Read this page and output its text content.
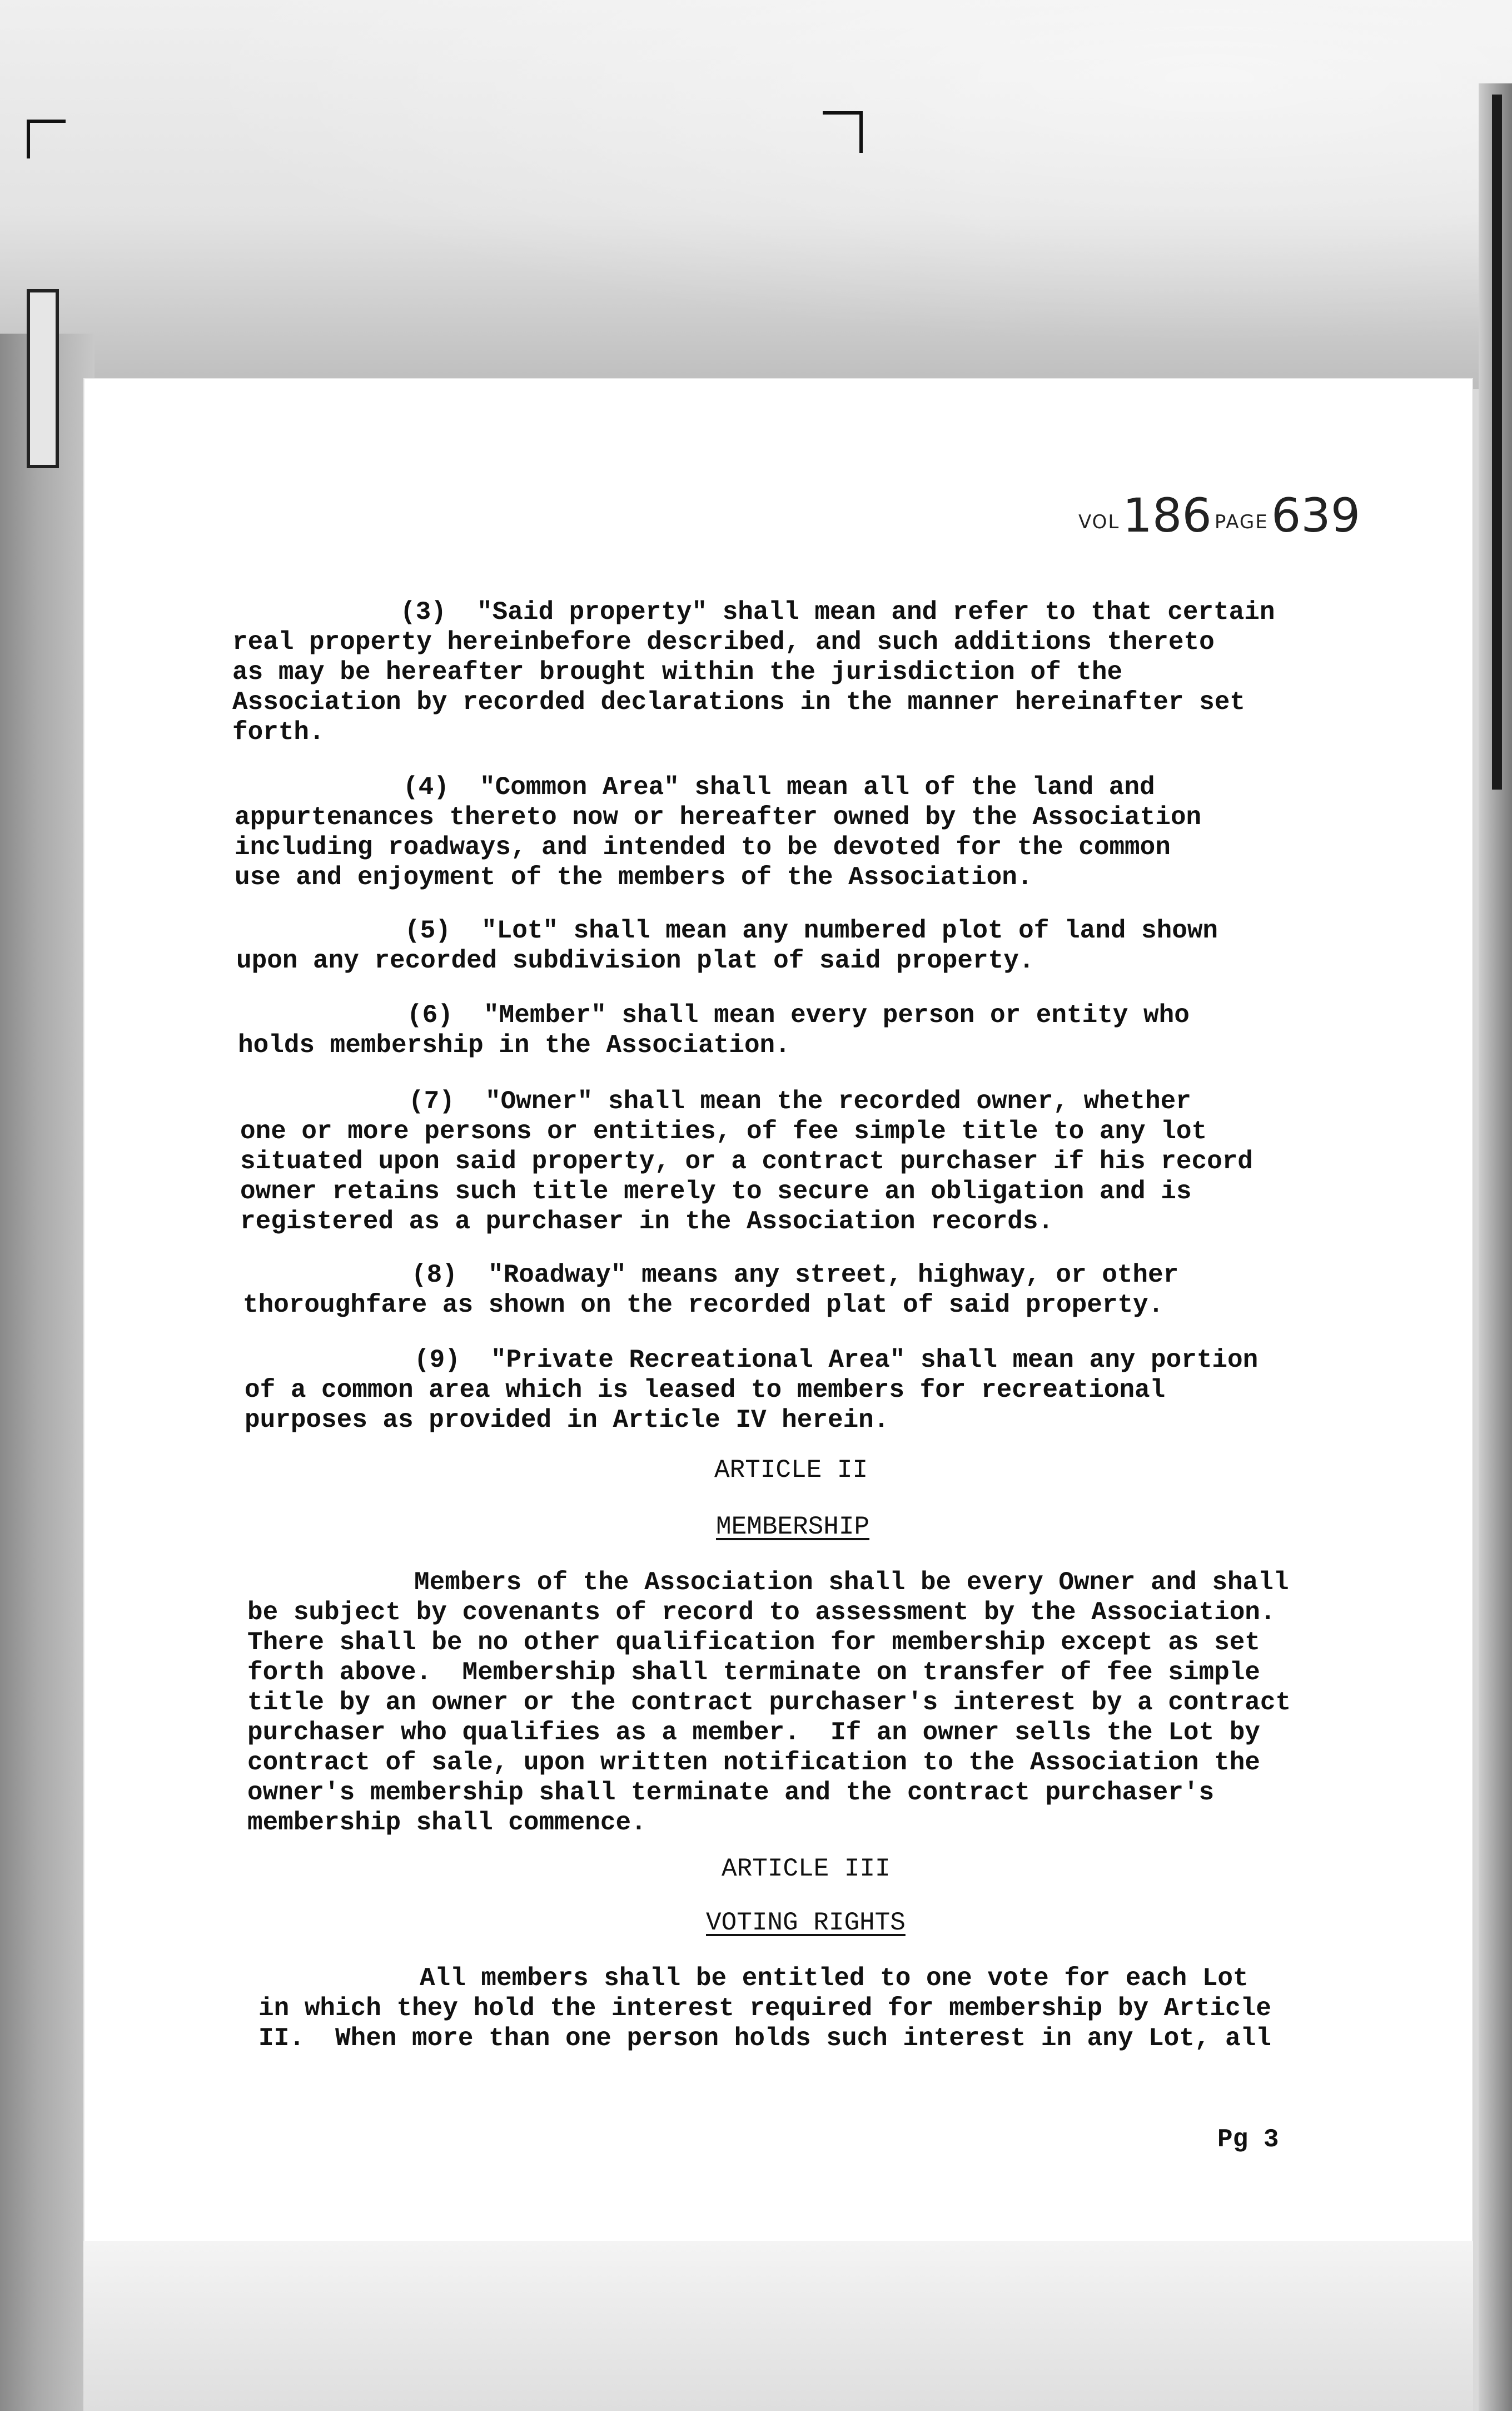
VOL 186 PAGE 639
(3)  "Said property" shall mean and refer to that certain
real property hereinbefore described, and such additions thereto
as may be hereafter brought within the jurisdiction of the
Association by recorded declarations in the manner hereinafter set
forth.
(4)  "Common Area" shall mean all of the land and
appurtenances thereto now or hereafter owned by the Association
including roadways, and intended to be devoted for the common
use and enjoyment of the members of the Association.
(5)  "Lot" shall mean any numbered plot of land shown
upon any recorded subdivision plat of said property.
(6)  "Member" shall mean every person or entity who
holds membership in the Association.
(7)  "Owner" shall mean the recorded owner, whether
one or more persons or entities, of fee simple title to any lot
situated upon said property, or a contract purchaser if his record
owner retains such title merely to secure an obligation and is
registered as a purchaser in the Association records.
(8)  "Roadway" means any street, highway, or other
thoroughfare as shown on the recorded plat of said property.
(9)  "Private Recreational Area" shall mean any portion
of a common area which is leased to members for recreational
purposes as provided in Article IV herein.
ARTICLE II
MEMBERSHIP
Members of the Association shall be every Owner and shall
be subject by covenants of record to assessment by the Association.
There shall be no other qualification for membership except as set
forth above.  Membership shall terminate on transfer of fee simple
title by an owner or the contract purchaser's interest by a contract
purchaser who qualifies as a member.  If an owner sells the Lot by
contract of sale, upon written notification to the Association the
owner's membership shall terminate and the contract purchaser's
membership shall commence.
ARTICLE III
VOTING RIGHTS
All members shall be entitled to one vote for each Lot
in which they hold the interest required for membership by Article
II.  When more than one person holds such interest in any Lot, all
Pg 3
